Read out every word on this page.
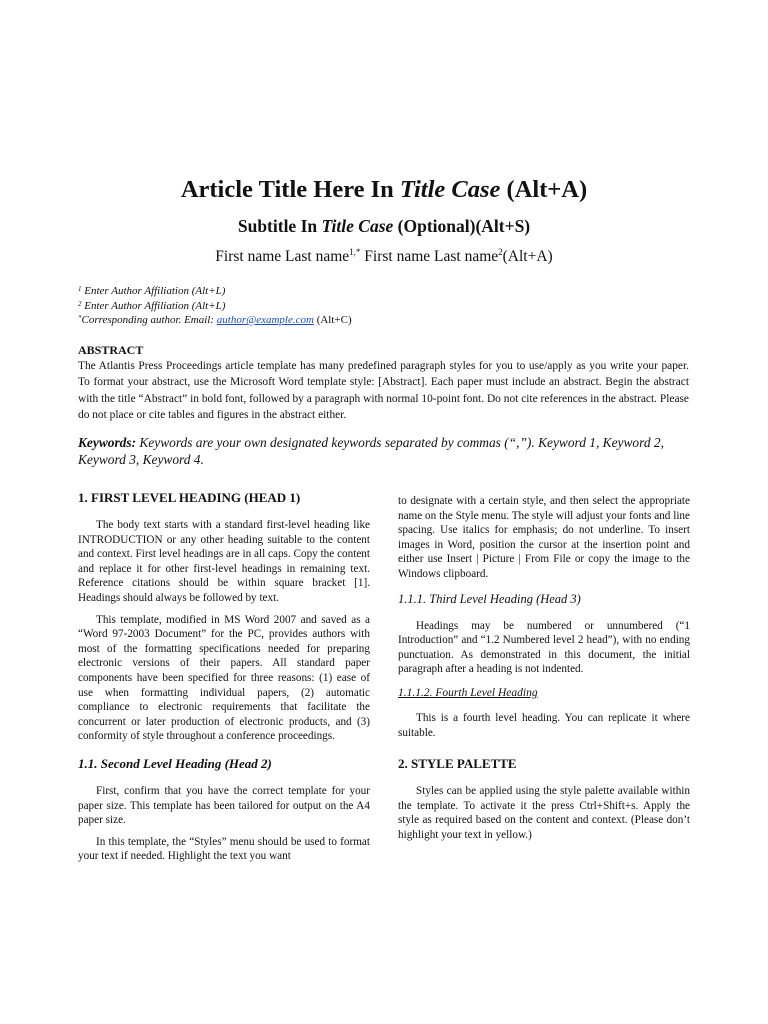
Article Title Here In Title Case (Alt+A)
Subtitle In Title Case (Optional)(Alt+S)

First name Last name$^{1,*}$ First name Last name$^2$(Alt+A)

$^1$ Enter Author Affiliation (Alt+L)
$^2$ Enter Author Affiliation (Alt+L)
*Corresponding author. Email: author@example.com (Alt+C)
ABSTRACT

The Atlantis Press Proceedings article template has many predefined paragraph styles for you to use/apply as you write your paper. To format your abstract, use the Microsoft Word template style: [Abstract]. Each paper must include an abstract. Begin the abstract with the title “Abstract” in bold font, followed by a paragraph with normal 10-point font. Do not cite references in the abstract. Please do not place or cite tables and figures in the abstract either.

Keywords: Keywords are your own designated keywords separated by commas (“,”). Keyword 1, Keyword 2, Keyword 3, Keyword 4.

1. FIRST LEVEL HEADING (HEAD 1)

The body text starts with a standard first-level heading like INTRODUCTION or any other heading suitable to the content and context. First level headings are in all caps. Copy the content and replace it for other first-level headings in remaining text. Reference citations should be within square bracket [1]. Headings should always be followed by text.

This template, modified in MS Word 2007 and saved as a “Word 97-2003 Document” for the PC, provides authors with most of the formatting specifications needed for preparing electronic versions of their papers. All standard paper components have been specified for three reasons: (1) ease of use when formatting individual papers, (2) automatic compliance to electronic requirements that facilitate the concurrent or later production of electronic products, and (3) conformity of style throughout a conference proceedings.

1.1. Second Level Heading (Head 2)

First, confirm that you have the correct template for your paper size. This template has been tailored for output on the A4 paper size.

In this template, the “Styles” menu should be used to format your text if needed. Highlight the text you want

to designate with a certain style, and then select the appropriate name on the Style menu. The style will adjust your fonts and line spacing. Use italics for emphasis; do not underline. To insert images in Word, position the cursor at the insertion point and either use Insert | Picture | From File or copy the image to the Windows clipboard.

1.1.1. Third Level Heading (Head 3)

Headings may be numbered or unnumbered (“1 Introduction” and “1.2 Numbered level 2 head”), with no ending punctuation. As demonstrated in this document, the initial paragraph after a heading is not indented.

1.1.1.2. Fourth Level Heading

This is a fourth level heading. You can replicate it where suitable.

2. STYLE PALETTE

Styles can be applied using the style palette available within the template. To activate it the press Ctrl+Shift+s. Apply the style as required based on the content and context. (Please don’t highlight your text in yellow.)
